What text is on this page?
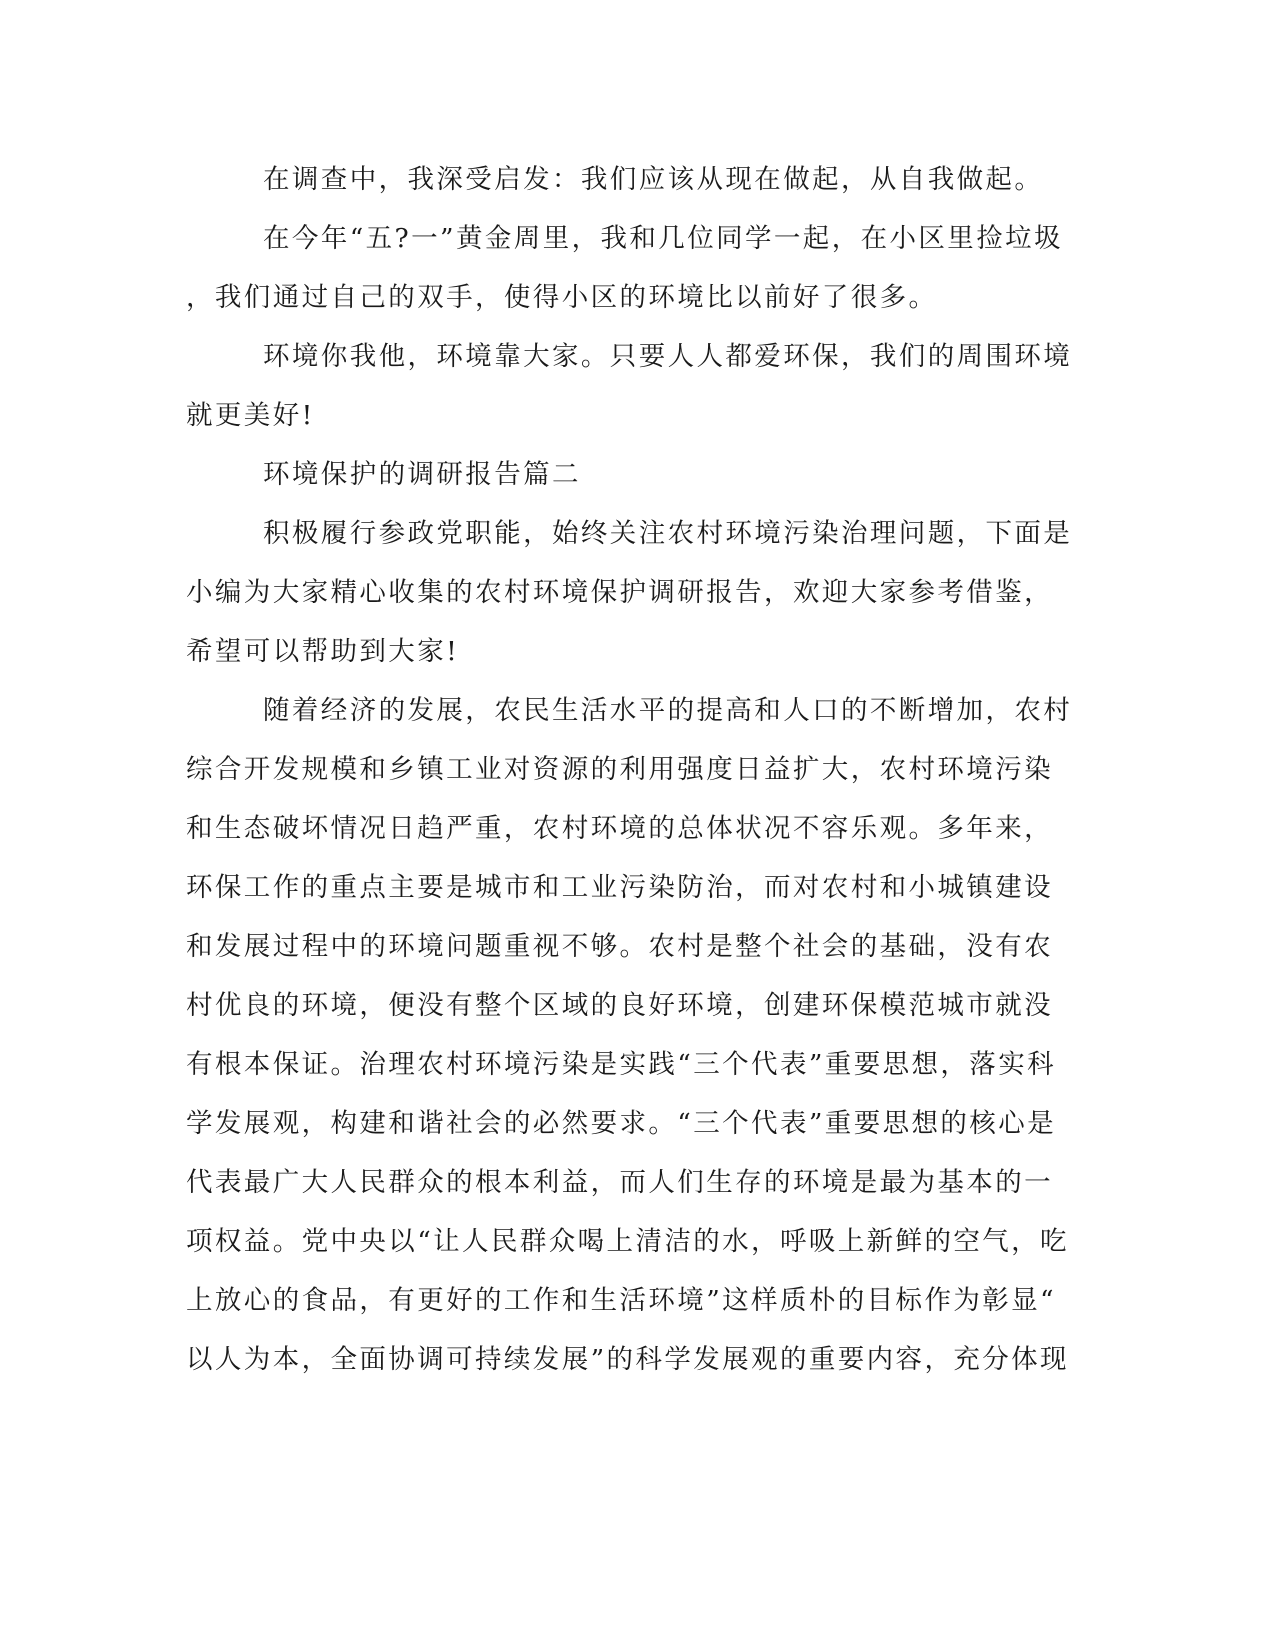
在调查中，我深受启发：我们应该从现在做起，从自我做起。

在今年“五?一”黄金周里，我和几位同学一起，在小区里捡垃圾

，我们通过自己的双手，使得小区的环境比以前好了很多。

环境你我他，环境靠大家。只要人人都爱环保，我们的周围环境

就更美好!

环境保护的调研报告篇二

积极履行参政党职能，始终关注农村环境污染治理问题，下面是

小编为大家精心收集的农村环境保护调研报告，欢迎大家参考借鉴，

希望可以帮助到大家!

随着经济的发展，农民生活水平的提高和人口的不断增加，农村

综合开发规模和乡镇工业对资源的利用强度日益扩大，农村环境污染

和生态破坏情况日趋严重，农村环境的总体状况不容乐观。多年来，

环保工作的重点主要是城市和工业污染防治，而对农村和小城镇建设

和发展过程中的环境问题重视不够。农村是整个社会的基础，没有农

村优良的环境，便没有整个区域的良好环境，创建环保模范城市就没

有根本保证。治理农村环境污染是实践“三个代表”重要思想，落实科

学发展观，构建和谐社会的必然要求。“三个代表”重要思想的核心是

代表最广大人民群众的根本利益，而人们生存的环境是最为基本的一

项权益。党中央以“让人民群众喝上清洁的水，呼吸上新鲜的空气，吃

上放心的食品，有更好的工作和生活环境”这样质朴的目标作为彰显“

以人为本，全面协调可持续发展”的科学发展观的重要内容，充分体现
